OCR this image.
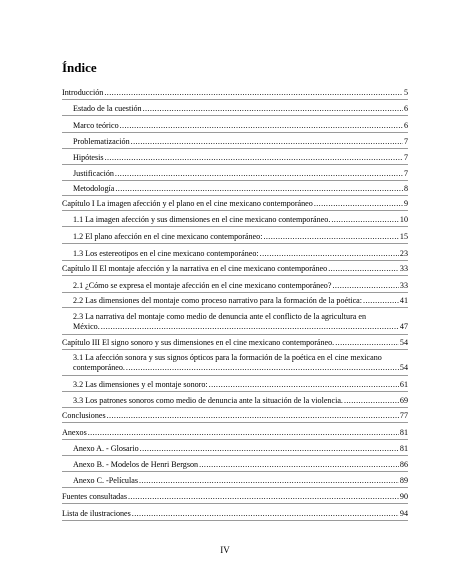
Índice
Introducción .....	5
Estado de la cuestión .....	6
Marco teórico .....	6
Problematización .....	7
Hipótesis .....	7
Justificación .....	7
Metodología .....	8
Capítulo I La imagen afección y el plano en el cine mexicano contemporáneo .....	9
1.1 La imagen afección y sus dimensiones en el cine mexicano contemporáneo. .....	10
1.2 El plano afección en el cine mexicano contemporáneo: .....	15
1.3 Los estereotipos en el cine mexicano contemporáneo: .....	23
Capítulo II El montaje afección y la narrativa en el cine mexicano contemporáneo .....	33
2.1 ¿Cómo se expresa el montaje afección en el cine mexicano contemporáneo? .....	33
2.2 Las dimensiones del montaje como proceso narrativo para la formación de la poética: .....	41
2.3 La narrativa del montaje como medio de denuncia ante el conflicto de la agricultura en
México. .....	47
Capítulo III El signo sonoro y sus dimensiones en el cine mexicano contemporáneo. .....	54
3.1 La afección sonora y sus signos ópticos para la formación de la poética en el cine mexicano
contemporáneo. .....	54
3.2 Las dimensiones y el montaje sonoro: .....	61
3.3 Los patrones sonoros como medio de denuncia ante la situación de la violencia. .....	69
Conclusiones .....	77
Anexos .....	81
Anexo A. - Glosario .....	81
Anexo B. - Modelos de Henri Bergson .....	86
Anexo C. -Películas .....	89
Fuentes consultadas .....	90
Lista de ilustraciones .....	94
IV
